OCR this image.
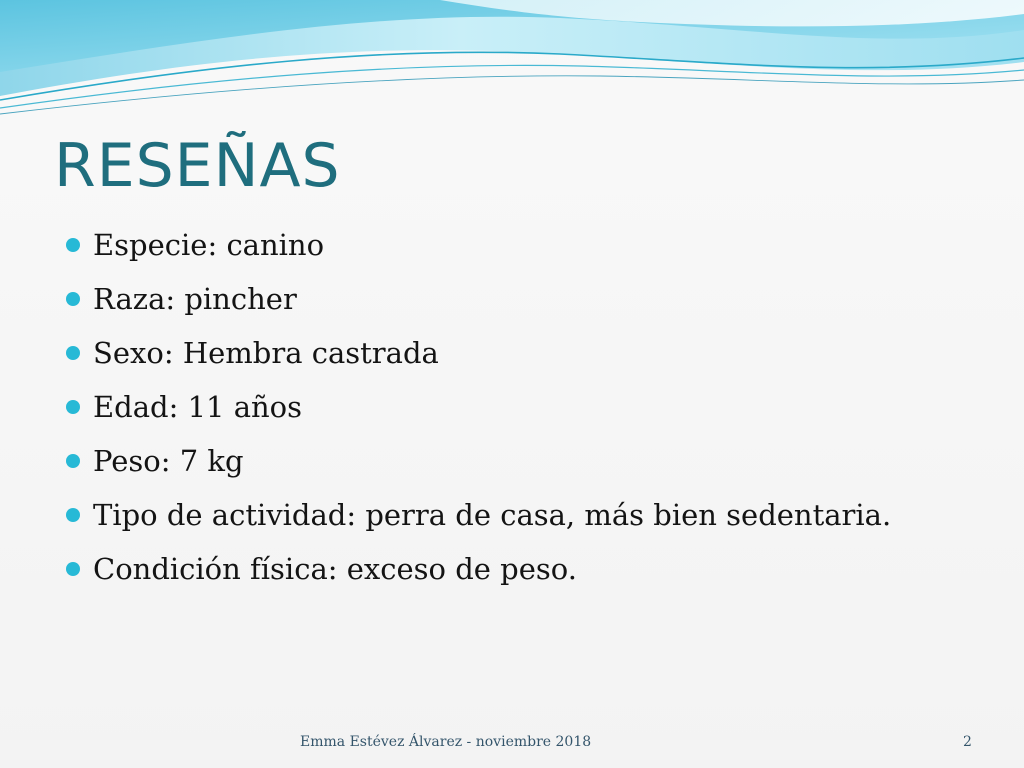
RESEÑAS
Especie: canino
Raza: pincher
Sexo: Hembra castrada
Edad: 11 años
Peso: 7 kg
Tipo de actividad: perra de casa, más bien sedentaria.
Condición física: exceso de peso.
Emma Estévez Álvarez - noviembre 2018	2
